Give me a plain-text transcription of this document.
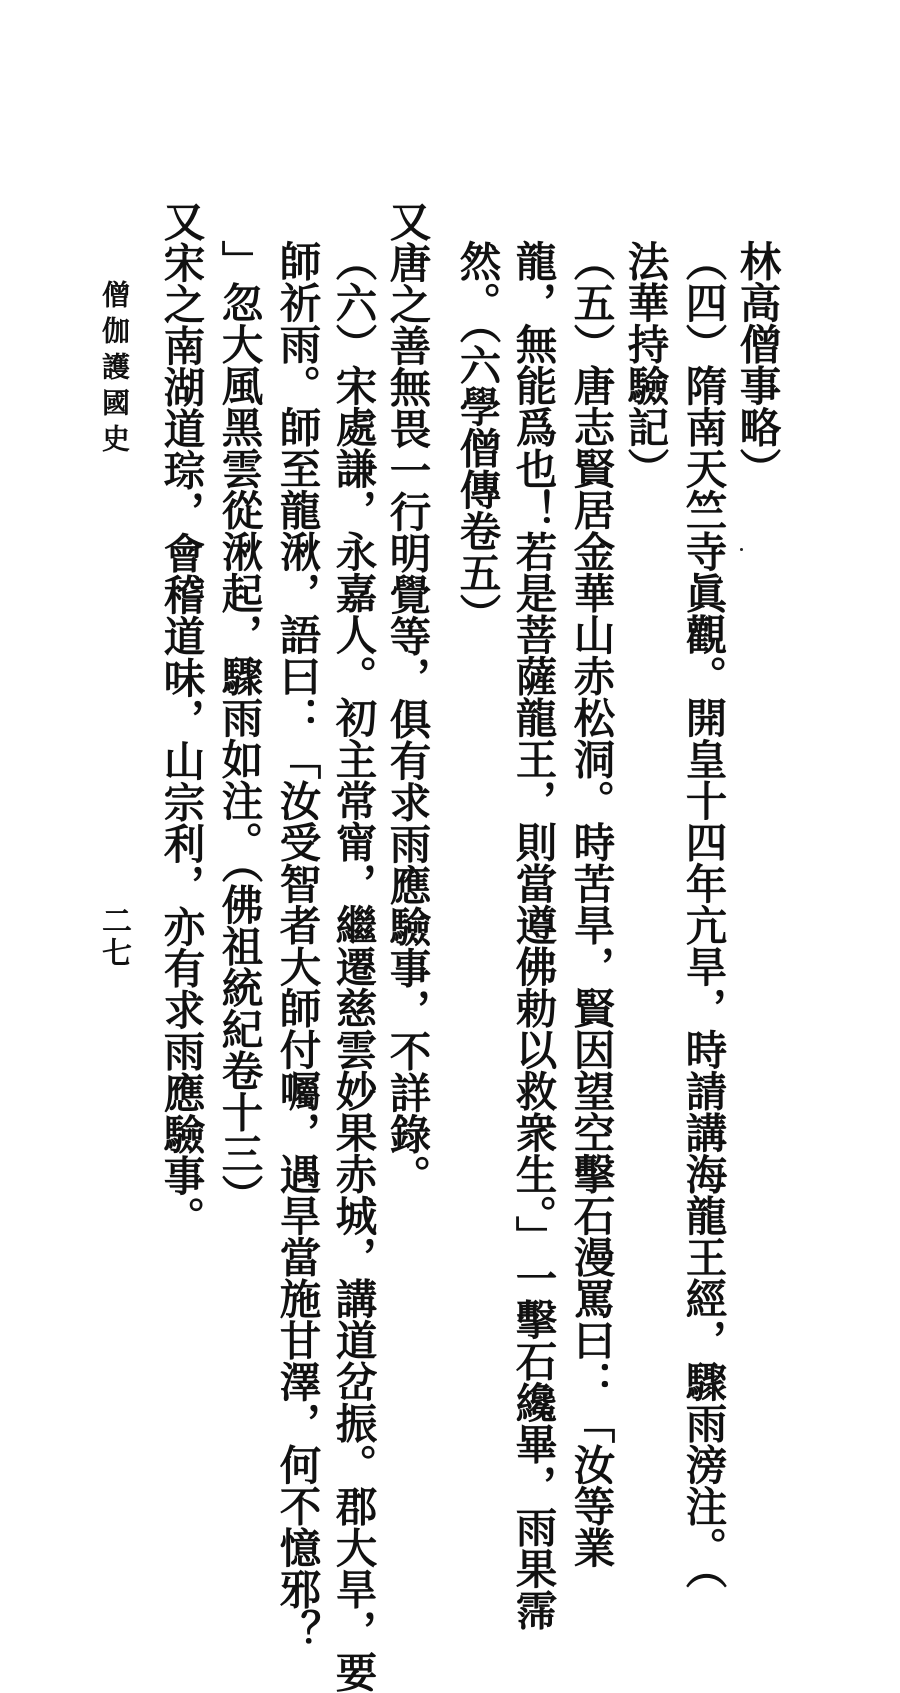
林高僧事略）
（四）隋南天竺寺眞觀。開皇十四年亢旱，時請講海龍王經，驟雨滂注。（
法華持驗記）
（五）唐志賢居金華山赤松洞。時苦旱，賢因望空擊石漫罵曰：「汝等業
龍，無能爲也！若是菩薩龍王，則當遵佛勅以救衆生。」一擊石纔畢，雨果霈
然。（六學僧傳卷五）
又唐之善無畏一行明覺等，俱有求雨應驗事，不詳錄。
（六）宋處謙，永嘉人。初主常甯，繼遷慈雲妙果赤城，講道岔振。郡大旱，要
師祈雨。師至龍湫，語曰：「汝受智者大師付囑，遇旱當施甘澤，何不憶邪？
」忽大風黑雲從湫起，驟雨如注。（佛祖統紀卷十三）
又宋之南湖道琮，會稽道味，山宗利，亦有求雨應驗事。
僧伽護國史
二七
